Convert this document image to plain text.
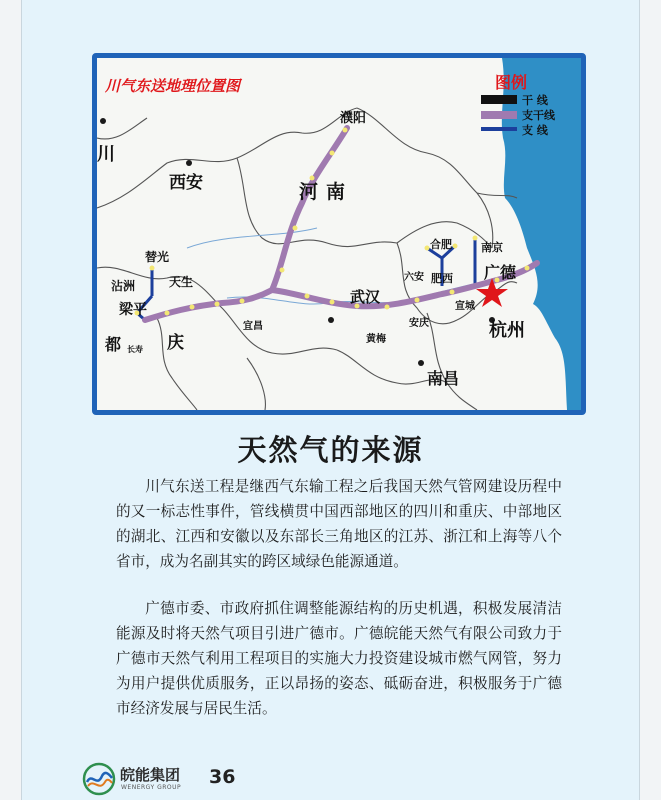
川气东送地理位置图	图例
干 线
支干线
支 线
濮阳
川
西安	河南
合肥	南京
替光
天生
沾洲
梁平
六安 肥西 广德
武汉
宣城
宜昌	安庆	杭州
都	庆
长寿
黄梅
南昌
天然气的来源

川气东送工程是继西气东输工程之后我国天然气管网建设历程中的又一标志性事件，管线横贯中国西部地区的四川和重庆、中部地区的湖北、江西和安徽以及东部长三角地区的江苏、浙江和上海等八个省市，成为名副其实的跨区域绿色能源通道。

广德市委、市政府抓住调整能源结构的历史机遇，积极发展清洁能源及时将天然气项目引进广德市。广德皖能天然气有限公司致力于广德市天然气利用工程项目的实施大力投资建设城市燃气网管，努力为用户提供优质服务，正以昂扬的姿态、砥砺奋进，积极服务于广德市经济发展与居民生活。

皖能集团
WENERGY GROUP 36
